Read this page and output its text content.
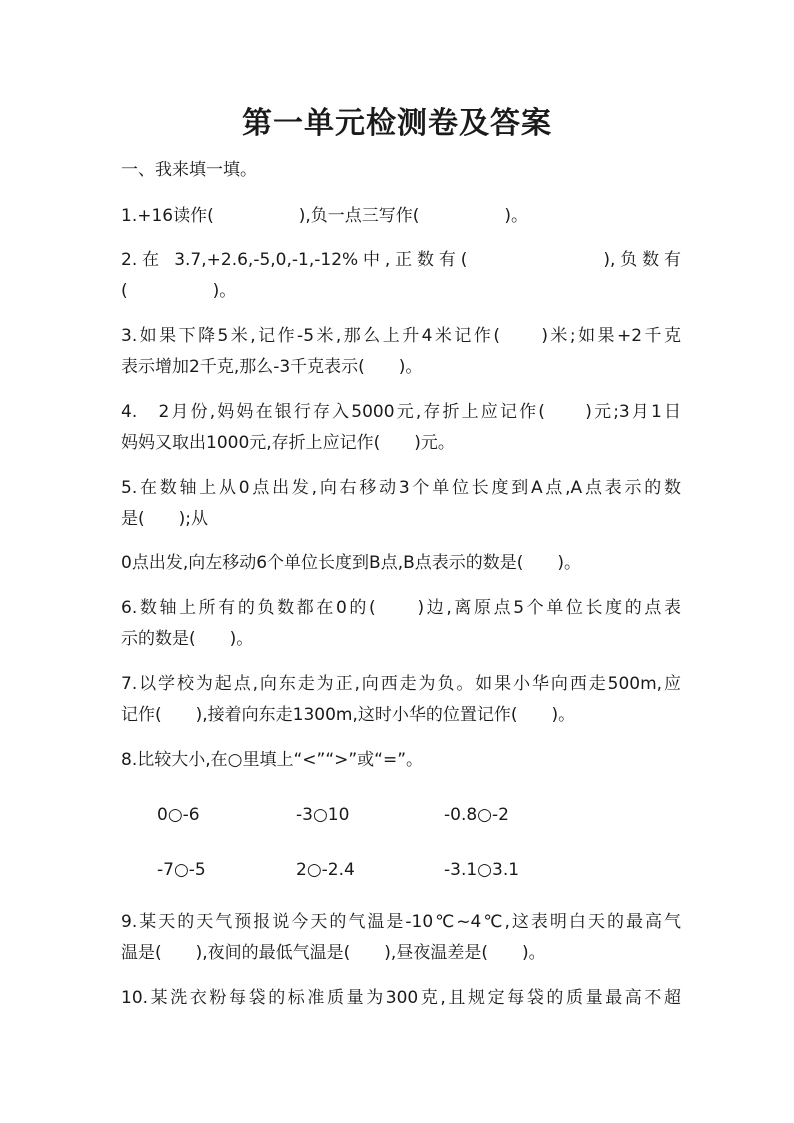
第一单元检测卷及答案
一、我来填一填。
1.+16读作(　　　　　),负一点三写作(　　　　　)。
2.在 3.7,+2.6,-5,0,-1,-12%中,正数有(　　　　　　),负数有
(　　　　　)。
3.如果下降5米,记作-5米,那么上升4米记作(　　)米;如果+2千克
表示增加2千克,那么-3千克表示(　　)。
4.　2月份,妈妈在银行存入5000元,存折上应记作(　　)元;3月1日
妈妈又取出1000元,存折上应记作(　　)元。
5.在数轴上从0点出发,向右移动3个单位长度到A点,A点表示的数
是(　　);从
0点出发,向左移动6个单位长度到B点,B点表示的数是(　　)。
6.数轴上所有的负数都在0的(　　)边,离原点5个单位长度的点表
示的数是(　　)。
7.以学校为起点,向东走为正,向西走为负。如果小华向西走500m,应
记作(　　),接着向东走1300m,这时小华的位置记作(　　)。
8.比较大小,在○里填上“<”“>”或“=”。
0○-6	-3○10	-0.8○-2
-7○-5	2○-2.4	-3.1○3.1
9.某天的天气预报说今天的气温是-10℃~4℃,这表明白天的最高气
温是(　　),夜间的最低气温是(　　),昼夜温差是(　　)。
10.某洗衣粉每袋的标准质量为300克,且规定每袋的质量最高不超
